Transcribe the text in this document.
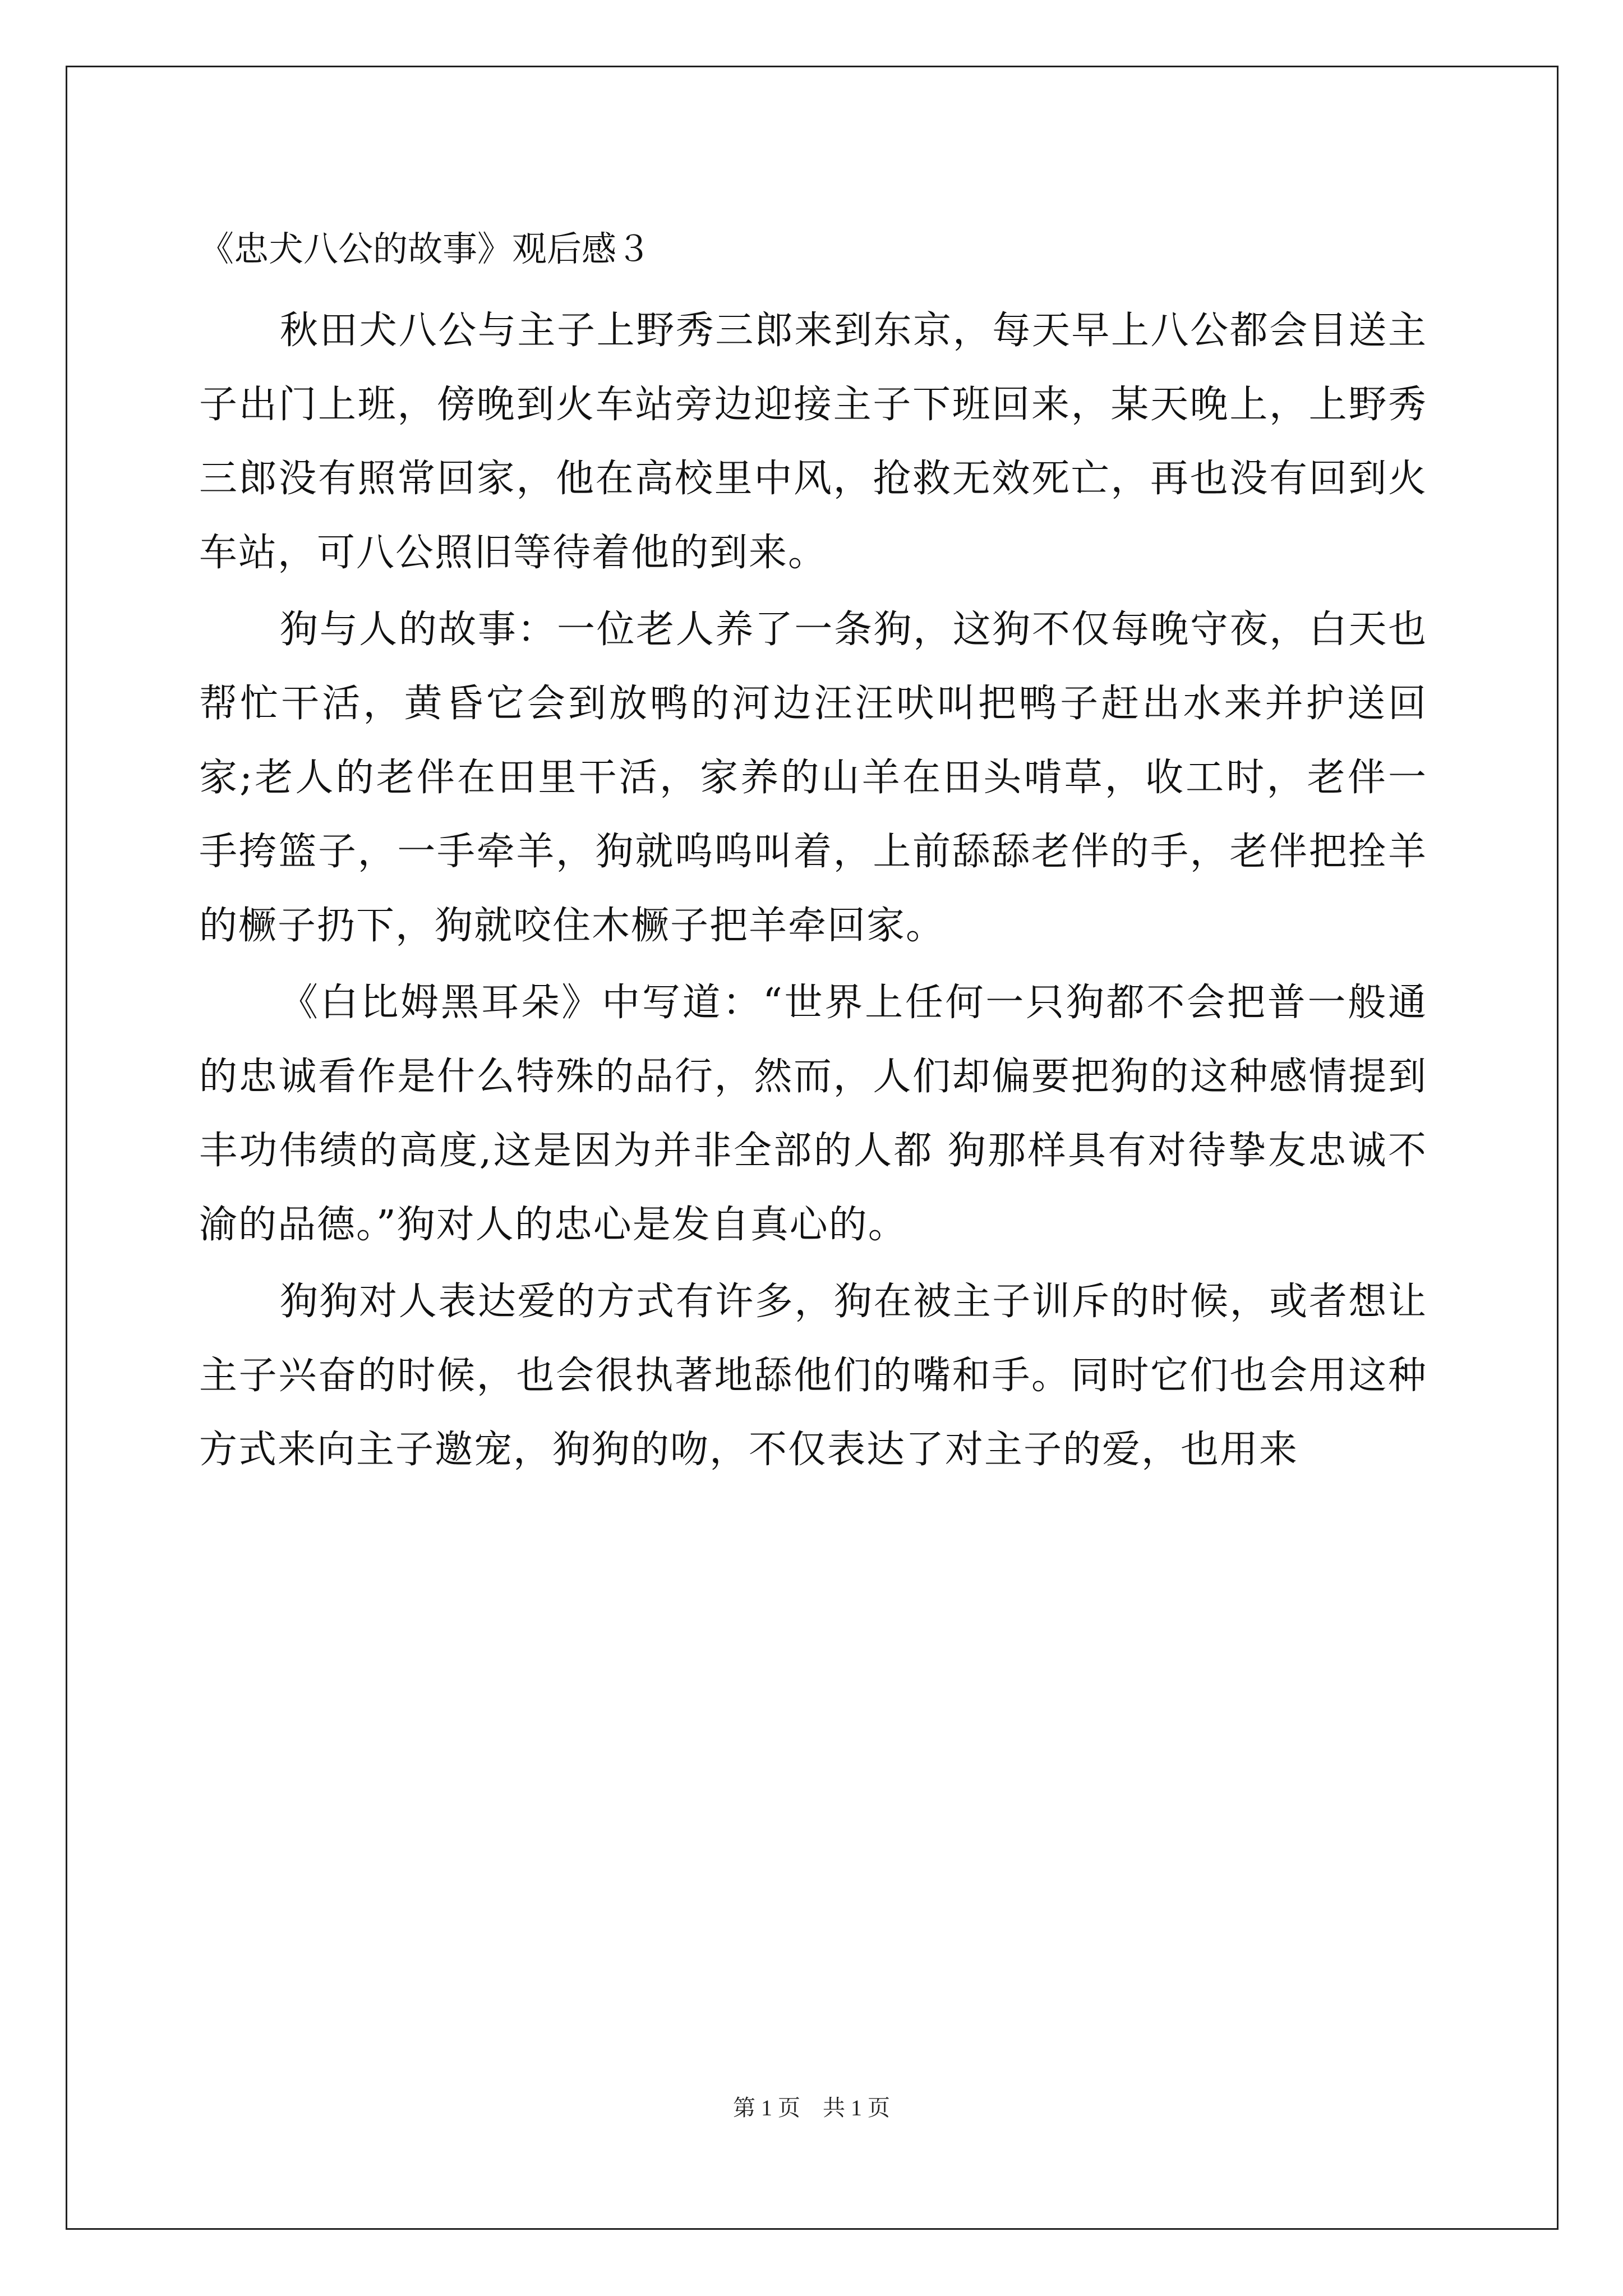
《忠犬八公的故事》观后感３

秋田犬八公与主子上野秀三郎来到东京，每天早上八公都会目送主子出门上班，傍晚到火车站旁边迎接主子下班回来，某天晚上，上野秀三郎没有照常回家，他在高校里中风，抢救无效死亡，再也没有回到火车站，可八公照旧等待着他的到来。

狗与人的故事：一位老人养了一条狗，这狗不仅每晚守夜，白天也帮忙干活，黄昏它会到放鸭的河边汪汪吠叫把鸭子赶出水来并护送回家;老人的老伴在田里干活，家养的山羊在田头啃草，收工时，老伴一手挎篮子，一手牵羊，狗就呜呜叫着，上前舔舔老伴的手，老伴把拴羊的橛子扔下，狗就咬住木橛子把羊牵回家。

《白比姆黑耳朵》中写道：“世界上任何一只狗都不会把普一般通的忠诚看作是什么特殊的品行，然而，人们却偏要把狗的这种感情提到丰功伟绩的高度,这是因为并非全部的人都 狗那样具有对待挚友忠诚不渝的品德。”狗对人的忠心是发自真心的。

狗狗对人表达爱的方式有许多，狗在被主子训斥的时候，或者想让主子兴奋的时候，也会很执著地舔他们的嘴和手。同时它们也会用这种方式来向主子邀宠，狗狗的吻，不仅表达了对主子的爱，也用来

第 1 页　共 1 页
